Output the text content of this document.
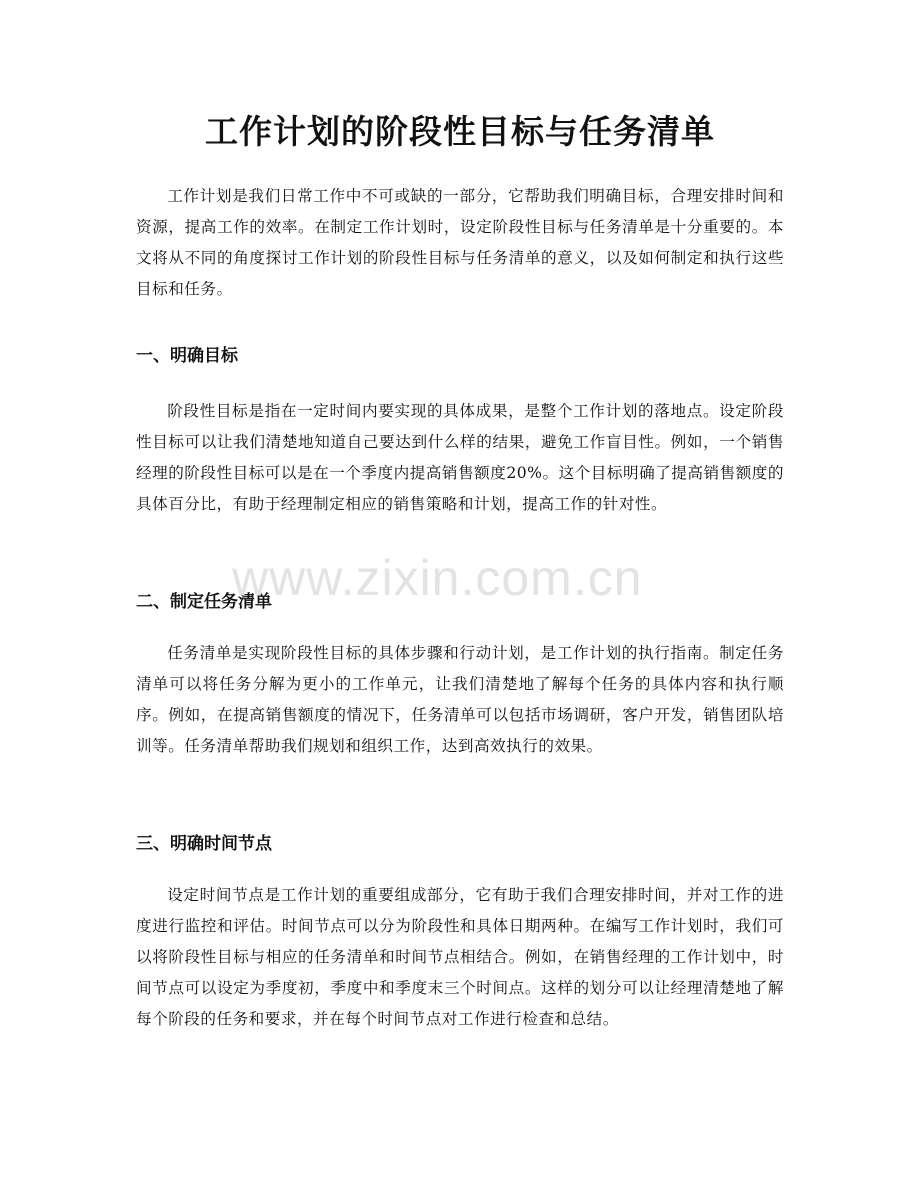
工作计划的阶段性目标与任务清单

工作计划是我们日常工作中不可或缺的一部分，它帮助我们明确目标，合理安排时间和资源，提高工作的效率。在制定工作计划时，设定阶段性目标与任务清单是十分重要的。本文将从不同的角度探讨工作计划的阶段性目标与任务清单的意义，以及如何制定和执行这些目标和任务。

一、明确目标

阶段性目标是指在一定时间内要实现的具体成果，是整个工作计划的落地点。设定阶段性目标可以让我们清楚地知道自己要达到什么样的结果，避免工作盲目性。例如，一个销售经理的阶段性目标可以是在一个季度内提高销售额度20%。这个目标明确了提高销售额度的具体百分比，有助于经理制定相应的销售策略和计划，提高工作的针对性。

二、制定任务清单

任务清单是实现阶段性目标的具体步骤和行动计划，是工作计划的执行指南。制定任务清单可以将任务分解为更小的工作单元，让我们清楚地了解每个任务的具体内容和执行顺序。例如，在提高销售额度的情况下，任务清单可以包括市场调研，客户开发，销售团队培训等。任务清单帮助我们规划和组织工作，达到高效执行的效果。

三、明确时间节点

设定时间节点是工作计划的重要组成部分，它有助于我们合理安排时间，并对工作的进度进行监控和评估。时间节点可以分为阶段性和具体日期两种。在编写工作计划时，我们可以将阶段性目标与相应的任务清单和时间节点相结合。例如，在销售经理的工作计划中，时间节点可以设定为季度初，季度中和季度末三个时间点。这样的划分可以让经理清楚地了解每个阶段的任务和要求，并在每个时间节点对工作进行检查和总结。

www.zixin.com.cn
